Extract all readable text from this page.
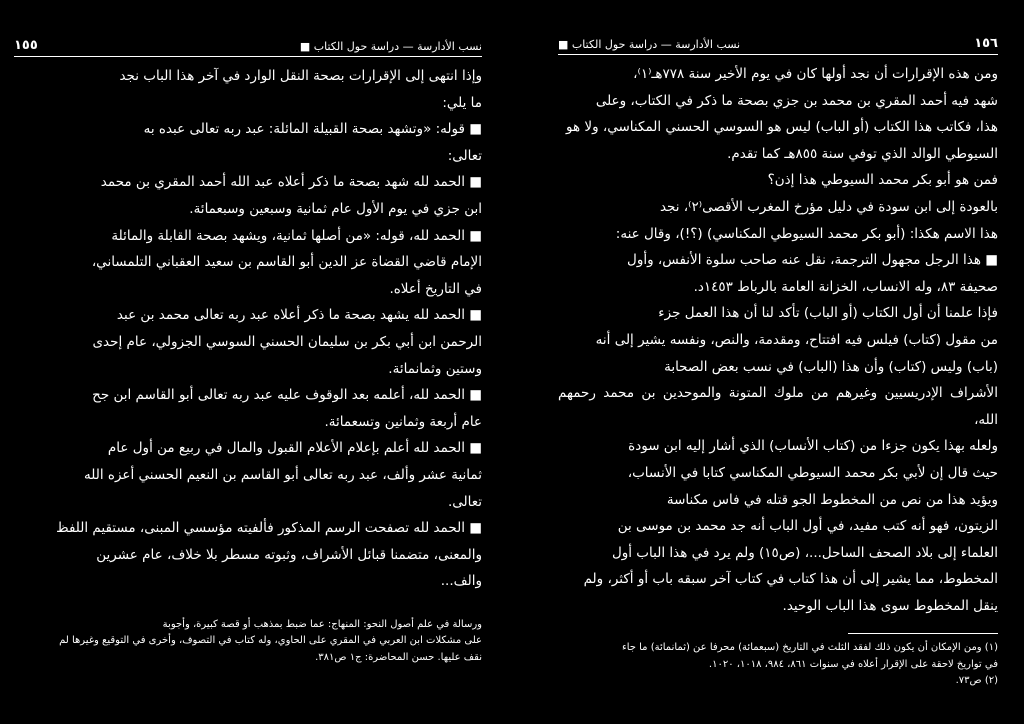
نسب الأدارسة — دراسة حول الكتاب ■
١٥٥

وإذا انتهى إلى الإقرارات بصحة النقل الوارد في آخر هذا الباب نجد

ما يلي:

■ قوله: «وتشهد بصحة القبيلة المائلة: عبد ربه تعالى عبده به

تعالى:

■ الحمد لله شهد بصحة ما ذكر أعلاه عبد الله أحمد المقري بن محمد

ابن جزي في يوم الأول عام ثمانية وسبعين وسبعمائة.

■ الحمد لله، قوله: «من أصلها ثمانية، ويشهد بصحة القابلة والمائلة

الإمام قاضي القضاة عز الدين أبو القاسم بن سعيد العقباني التلمساني،

في التاريخ أعلاه.

■ الحمد لله يشهد بصحة ما ذكر أعلاه عبد ربه تعالى محمد بن عبد

الرحمن ابن أبي بكر بن سليمان الحسني السوسي الجزولي، عام إحدى

وستين وثمانمائة.

■ الحمد لله، أعلمه بعد الوقوف عليه عبد ربه تعالى أبو القاسم ابن جح

عام أربعة وثمانين وتسعمائة.

■ الحمد لله أعلم بإعلام الأعلام القبول والمال في ربيع من أول عام

ثمانية عشر وألف، عبد ربه تعالى أبو القاسم بن النعيم الحسني أعزه الله

تعالى.

■ الحمد لله تصفحت الرسم المذكور فألفيته مؤسسي المبنى، مستقيم اللفظ

والمعنى، متضمنا قبائل الأشراف، وثبوته مسطر بلا خلاف، عام عشرين

والف...

ورسالة في علم أصول النحو: المنهاج: عما ضبط بمذهب أو قصة كبيرة، وأجوبة

على مشكلات ابن العربي في المقري على الحاوي، وله كتاب في التصوف، وأخرى في التوقيع وغيرها لم

نقف عليها. حسن المحاضرة: ج١ ص٣٨١.

١٥٦
نسب الأدارسة — دراسة حول الكتاب ■

ومن هذه الإقرارات أن نجد أولها كان في يوم الأخير سنة ٧٧٨هـ⁽١⁾،

شهد فيه أحمد المقري بن محمد بن جزي بصحة ما ذكر في الكتاب، وعلى

هذا، فكاتب هذا الكتاب (أو الباب) ليس هو السوسي الحسني المكناسي، ولا هو

السيوطي الوالد الذي توفي سنة ٨٥٥هـ كما تقدم.

فمن هو أبو بكر محمد السيوطي هذا إذن؟

بالعودة إلى ابن سودة في دليل مؤرخ المغرب الأقصى⁽٢⁾، نجد

هذا الاسم هكذا: (أبو بكر محمد السيوطي المكناسي) (؟!)، وقال عنه:

■ هذا الرجل مجهول الترجمة، نقل عنه صاحب سلوة الأنفس، وأول

صحيفة ٨٣، وله الانساب، الخزانة العامة بالرباط ١٤٥٣د.

فإذا علمنا أن أول الكتاب (أو الباب) تأكد لنا أن هذا العمل جزء

من مقول (كتاب) فيلس فيه افتتاح، ومقدمة، والنص، ونفسه يشير إلى أنه

(باب) وليس (كتاب) وأن هذا (الباب) في نسب بعض الصحابة

الأشراف الإدريسيين وغيرهم من ملوك المتونة والموحدين بن محمد رحمهم الله،

ولعله بهذا يكون جزءا من (كتاب الأنساب) الذي أشار إليه ابن سودة

حيث قال إن لأبي بكر محمد السيوطي المكناسي كتابا في الأنساب،

ويؤيد هذا من نص من المخطوط الجو قتله في فاس مكناسة

الزيتون، فهو أنه كتب مفيد، في أول الباب أنه جد محمد بن موسى بن

العلماء إلى بلاد الصحف الساحل...، (ص١٥) ولم يرد في هذا الباب أول

المخطوط، مما يشير إلى أن هذا كتاب في كتاب آخر سبقه باب أو أكثر، ولم

ينقل المخطوط سوى هذا الباب الوحيد.

(١) ومن الإمكان أن يكون ذلك لفقد الثلث في التاريخ (سبعمائة) محرفا عن (ثمانمائة) ما جاء

في تواريخ لاحقة على الإقرار أعلاه في سنوات ٨٦١، ٩٨٤، ١٠١٨، ١٠٢٠.

(٢) ص٧٣.
